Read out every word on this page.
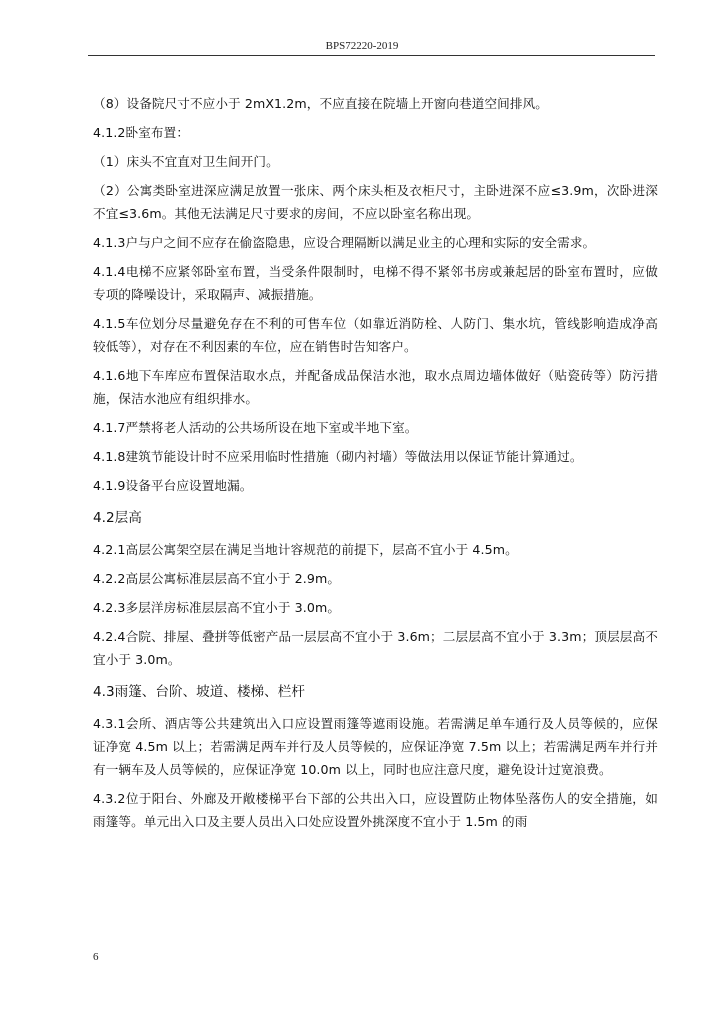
BPS72220-2019

（8）设备院尺寸不应小于 2mX1.2m，不应直接在院墙上开窗向巷道空间排风。

4.1.2卧室布置：

（1）床头不宜直对卫生间开门。

（2）公寓类卧室进深应满足放置一张床、两个床头柜及衣柜尺寸，主卧进深不应≤3.9m，次卧进深不宜≤3.6m。其他无法满足尺寸要求的房间，不应以卧室名称出现。

4.1.3户与户之间不应存在偷盗隐患，应设合理隔断以满足业主的心理和实际的安全需求。

4.1.4电梯不应紧邻卧室布置，当受条件限制时，电梯不得不紧邻书房或兼起居的卧室布置时，应做专项的降噪设计，采取隔声、减振措施。

4.1.5车位划分尽量避免存在不利的可售车位（如靠近消防栓、人防门、集水坑，管线影响造成净高较低等），对存在不利因素的车位，应在销售时告知客户。

4.1.6地下车库应布置保洁取水点，并配备成品保洁水池，取水点周边墙体做好（贴瓷砖等）防污措施，保洁水池应有组织排水。

4.1.7严禁将老人活动的公共场所设在地下室或半地下室。

4.1.8建筑节能设计时不应采用临时性措施（砌内衬墙）等做法用以保证节能计算通过。

4.1.9设备平台应设置地漏。

4.2层高

4.2.1高层公寓架空层在满足当地计容规范的前提下，层高不宜小于 4.5m。

4.2.2高层公寓标准层层高不宜小于 2.9m。

4.2.3多层洋房标准层层高不宜小于 3.0m。

4.2.4合院、排屋、叠拼等低密产品一层层高不宜小于 3.6m；二层层高不宜小于 3.3m；顶层层高不宜小于 3.0m。

4.3雨篷、台阶、坡道、楼梯、栏杆

4.3.1会所、酒店等公共建筑出入口应设置雨篷等遮雨设施。若需满足单车通行及人员等候的，应保证净宽 4.5m 以上；若需满足两车并行及人员等候的，应保证净宽 7.5m 以上；若需满足两车并行并有一辆车及人员等候的，应保证净宽 10.0m 以上，同时也应注意尺度，避免设计过宽浪费。

4.3.2位于阳台、外廊及开敞楼梯平台下部的公共出入口，应设置防止物体坠落伤人的安全措施，如雨篷等。单元出入口及主要人员出入口处应设置外挑深度不宜小于 1.5m 的雨

6
